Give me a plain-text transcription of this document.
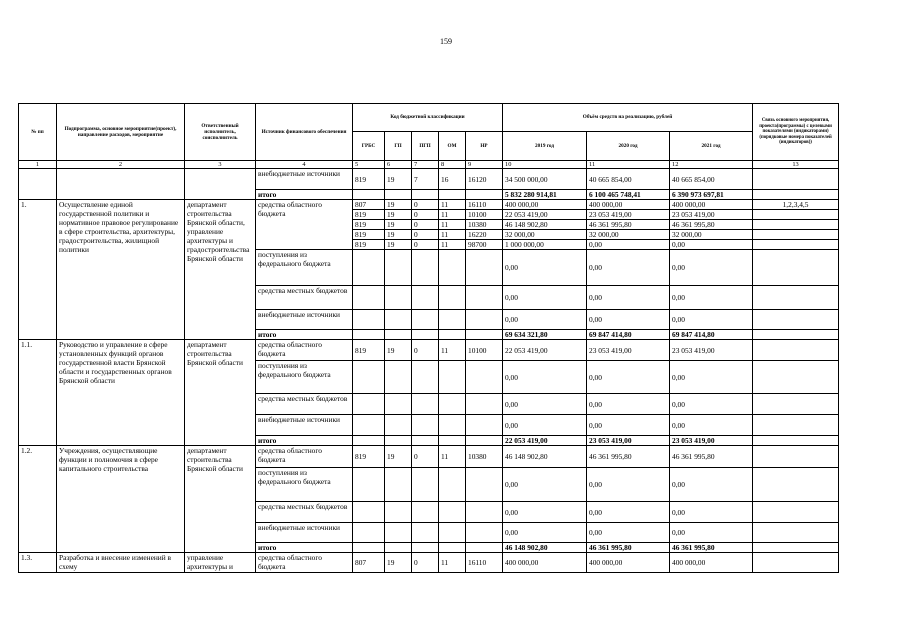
159
№ пп	Подпрограмма, основное мероприятие(проект), направление расходов, мероприятие	Ответственный исполнитель, соисполнитель	Источник финансового обеспечения	Код бюджетной классификации					Объём средств на реализацию, рублей			Связь основного мероприятия, проекта(программы) с целевыми показателями (индикаторами) (порядковые номера показателей (индикаторов))
				ГРБС	ГП	ПГП	ОМ	НР	2019 год	2020 год	2021 год	
1	2	3	4	5	6	7	8	9	10	11	12	13
			внебюджетные источники	819	19	7	16	16120	34 500 000,00	40 665 854,00	40 665 854,00	
			итого						5 832 280 914,81	6 100 465 748,41	6 390 973 697,81	
1.	Осуществление единой государственной политики и нормативное правовое регулирование в сфере строительства, архитектуры, градостроительства, жилищной политики	департамент строительства Брянской области, управление архитектуры и градостроительства Брянской области	средства областного бюджета	807	19	0	11	16110	400 000,00	400 000,00	400 000,00	1,2,3,4,5
				819	19	0	11	10100	22 053 419,00	23 053 419,00	23 053 419,00	
				819	19	0	11	10380	46 148 902,80	46 361 995,80	46 361 995,80	
				819	19	0	11	16220	32 000,00	32 000,00	32 000,00	
				819	19	0	11	98700	1 000 000,00	0,00	0,00	
			поступления из федерального бюджета						0,00	0,00	0,00	
			средства местных бюджетов						0,00	0,00	0,00	
			внебюджетные источники						0,00	0,00	0,00	
			итого						69 634 321,80	69 847 414,80	69 847 414,80	
1.1.	Руководство и управление в сфере установленных функций органов государственной власти Брянской области и государственных органов Брянской области	департамент строительства Брянской области	средства областного бюджета	819	19	0	11	10100	22 053 419,00	23 053 419,00	23 053 419,00	
			поступления из федерального бюджета						0,00	0,00	0,00	
			средства местных бюджетов						0,00	0,00	0,00	
			внебюджетные источники						0,00	0,00	0,00	
			итого						22 053 419,00	23 053 419,00	23 053 419,00	
1.2.	Учреждения, осуществляющие функции и полномочия в сфере капитального строительства	департамент строительства Брянской области	средства областного бюджета	819	19	0	11	10380	46 148 902,80	46 361 995,80	46 361 995,80	
			поступления из федерального бюджета						0,00	0,00	0,00	
			средства местных бюджетов						0,00	0,00	0,00	
			внебюджетные источники						0,00	0,00	0,00	
			итого						46 148 902,80	46 361 995,80	46 361 995,80	
1.3.	Разработка и внесение изменений в схему	управление архитектуры и	средства областного бюджета	807	19	0	11	16110	400 000,00	400 000,00	400 000,00	
